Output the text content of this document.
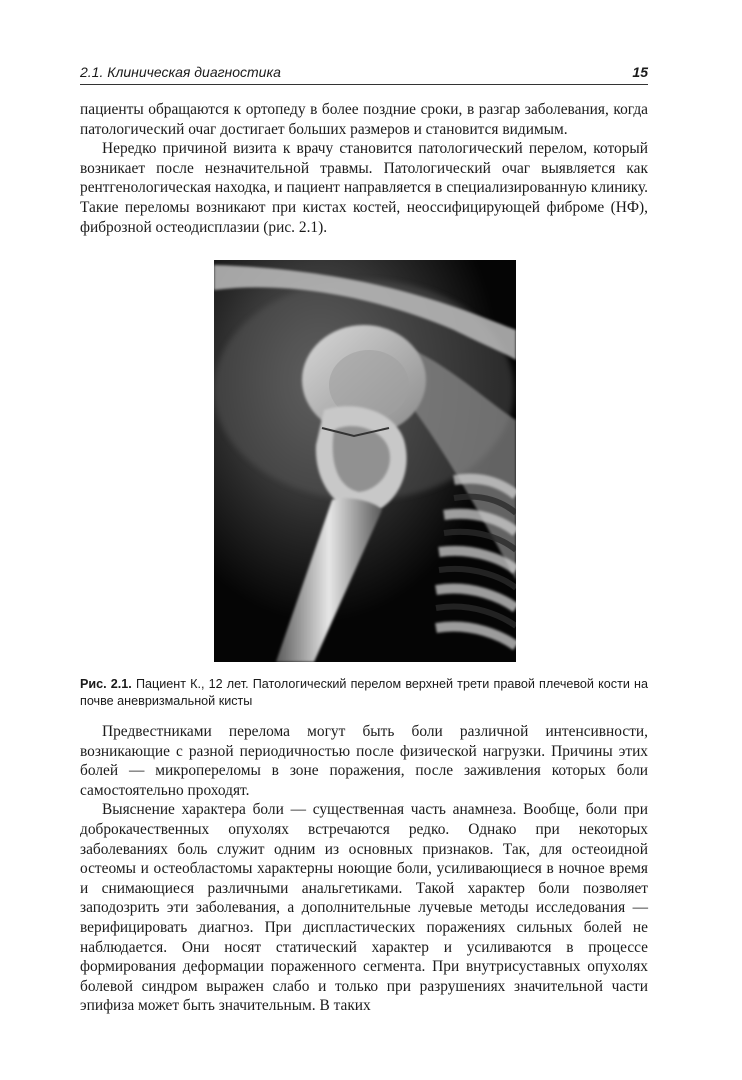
2.1. Клиническая диагностика	15

пациенты обращаются к ортопеду в более поздние сроки, в разгар заболевания, когда патологический очаг достигает больших размеров и становится видимым.

Нередко причиной визита к врачу становится патологический перелом, который возникает после незначительной травмы. Патологический очаг выявляется как рентгенологическая находка, и пациент направляется в специализированную клинику. Такие переломы возникают при кистах костей, неоссифицирующей фиброме (НФ), фиброзной остеодисплазии (рис. 2.1).

Рис. 2.1. Пациент К., 12 лет. Патологический перелом верхней трети правой плечевой кости на почве аневризмальной кисты

Предвестниками перелома могут быть боли различной интенсивности, возникающие с разной периодичностью после физической нагрузки. Причины этих болей — микропереломы в зоне поражения, после заживления которых боли самостоятельно проходят.

Выяснение характера боли — существенная часть анамнеза. Вообще, боли при доброкачественных опухолях встречаются редко. Однако при некоторых заболеваниях боль служит одним из основных признаков. Так, для остеоидной остеомы и остеобластомы характерны ноющие боли, усиливающиеся в ночное время и снимающиеся различными анальгетиками. Такой характер боли позволяет заподозрить эти заболевания, а дополнительные лучевые методы исследования — верифицировать диагноз. При диспластических поражениях сильных болей не наблюдается. Они носят статический характер и усиливаются в процессе формирования деформации пораженного сегмента. При внутрисуставных опухолях болевой синдром выражен слабо и только при разрушениях значительной части эпифиза может быть значительным. В таких
